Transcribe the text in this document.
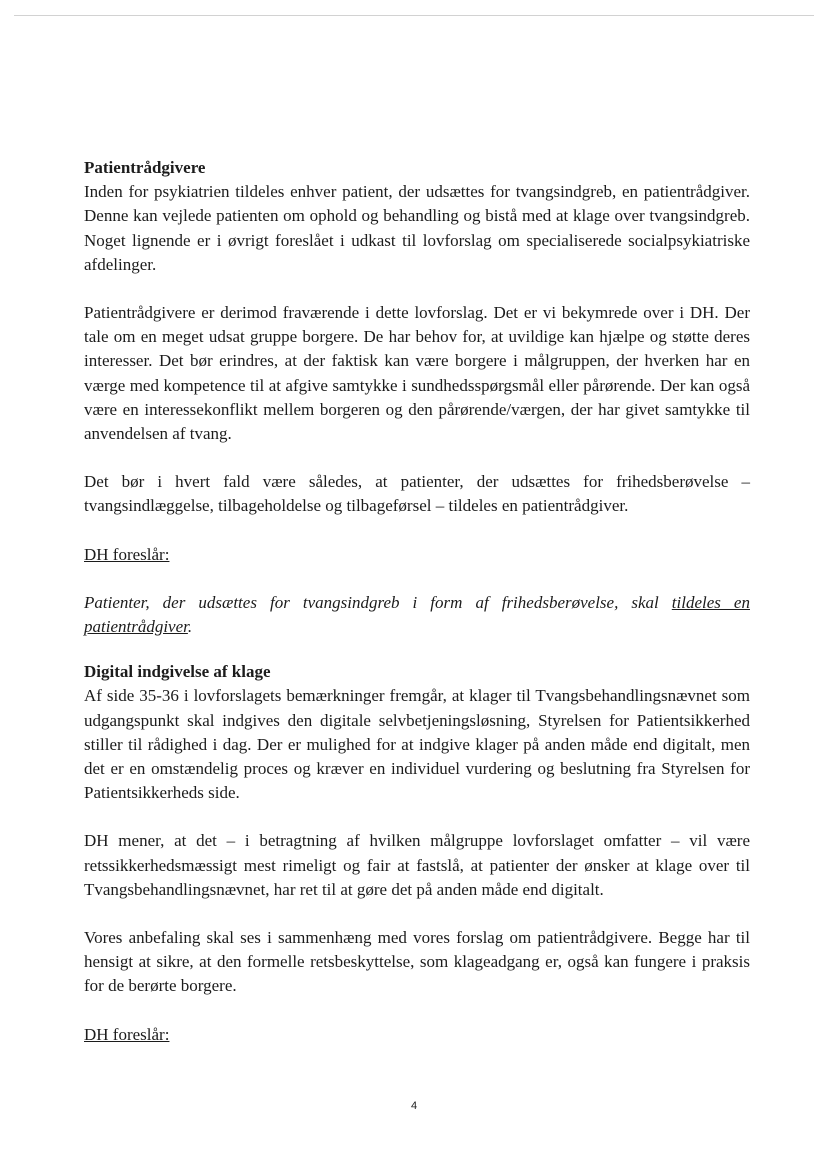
Patientrådgivere

Inden for psykiatrien tildeles enhver patient, der udsættes for tvangsindgreb, en patientrådgiver. Denne kan vejlede patienten om ophold og behandling og bistå med at klage over tvangsindgreb. Noget lignende er i øvrigt foreslået i udkast til lovforslag om specialiserede socialpsykiatriske afdelinger.

Patientrådgivere er derimod fraværende i dette lovforslag. Det er vi bekymrede over i DH. Der tale om en meget udsat gruppe borgere. De har behov for, at uvildige kan hjælpe og støtte deres interesser. Det bør erindres, at der faktisk kan være borgere i målgruppen, der hverken har en værge med kompetence til at afgive samtykke i sundhedsspørgsmål eller pårørende. Der kan også være en interessekonflikt mellem borgeren og den pårørende/værgen, der har givet samtykke til anvendelsen af tvang.

Det bør i hvert fald være således, at patienter, der udsættes for frihedsberøvelse – tvangsindlæggelse, tilbageholdelse og tilbageførsel – tildeles en patientrådgiver.

DH foreslår:

Patienter, der udsættes for tvangsindgreb i form af frihedsberøvelse, skal tildeles en patientrådgiver.

Digital indgivelse af klage

Af side 35-36 i lovforslagets bemærkninger fremgår, at klager til Tvangsbehandlingsnævnet som udgangspunkt skal indgives den digitale selvbetjeningsløsning, Styrelsen for Patientsikkerhed stiller til rådighed i dag. Der er mulighed for at indgive klager på anden måde end digitalt, men det er en omstændelig proces og kræver en individuel vurdering og beslutning fra Styrelsen for Patientsikkerheds side.

DH mener, at det – i betragtning af hvilken målgruppe lovforslaget omfatter – vil være retssikkerhedsmæssigt mest rimeligt og fair at fastslå, at patienter der ønsker at klage over til Tvangsbehandlingsnævnet, har ret til at gøre det på anden måde end digitalt.

Vores anbefaling skal ses i sammenhæng med vores forslag om patientrådgivere. Begge har til hensigt at sikre, at den formelle retsbeskyttelse, som klageadgang er, også kan fungere i praksis for de berørte borgere.

DH foreslår:

4
